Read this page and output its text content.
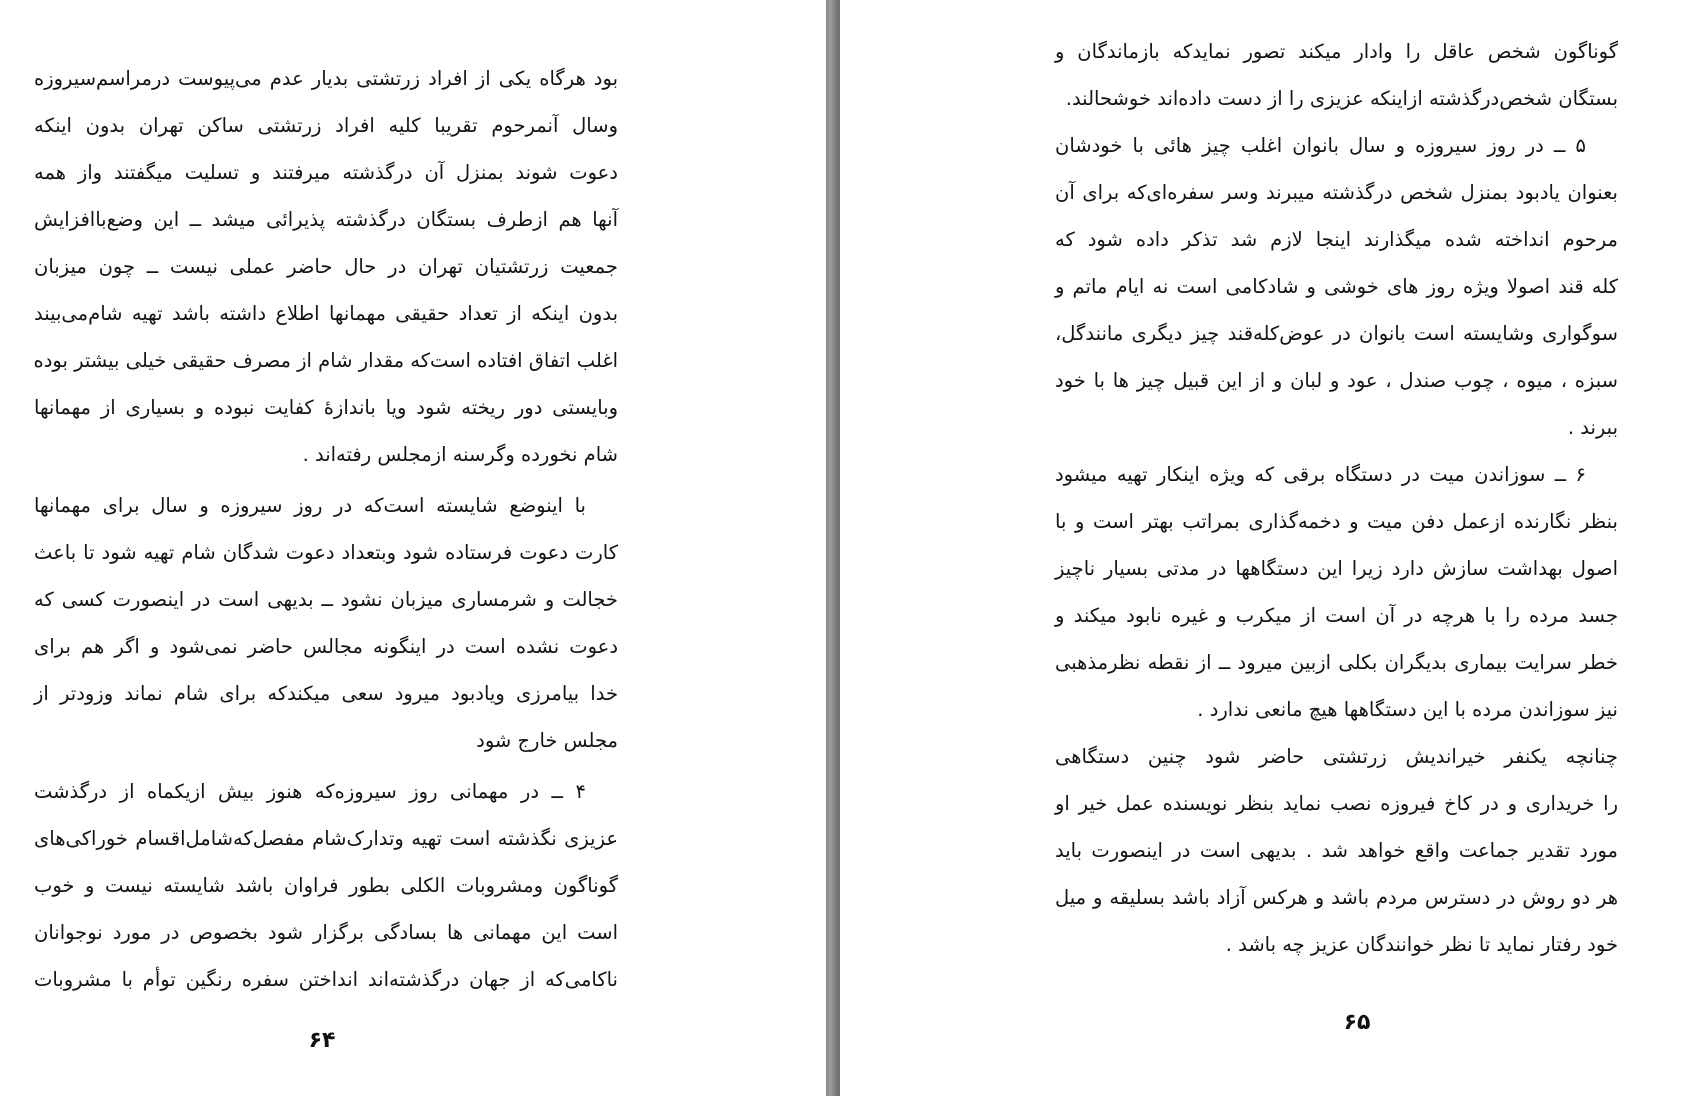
بود هرگاه یکی از افراد زرتشتی بدیار عدم می‌پیوست درمراسم‌سیروزه
وسال آنمرحوم تقریبا کلیه افراد زرتشتی ساکن تهران بدون اینکه
دعوت شوند بمنزل آن درگذشته میرفتند و تسلیت میگفتند واز همه
آنها هم ازطرف بستگان درگذشته پذیرائی میشد ــ این وضع‌باافزایش
جمعیت زرتشتیان تهران در حال حاضر عملی نیست ــ چون میزبان
بدون اینکه از تعداد حقیقی مهمانها اطلاع داشته باشد تهیه شام‌می‌بیند
اغلب اتفاق افتاده است‌که مقدار شام از مصرف حقیقی خیلی بیشتر بوده
وبایستی دور ریخته شود ویا باندازهٔ کفایت نبوده و بسیاری از مهمانها
شام نخورده وگرسنه ازمجلس رفته‌اند .
با اینوضع شایسته است‌که در روز سیروزه و سال برای مهمانها
کارت دعوت فرستاده شود وبتعداد دعوت شدگان شام تهیه شود تا باعث
خجالت و شرمساری میزبان نشود ــ بدیهی است در اینصورت کسی که
دعوت نشده است در اینگونه مجالس حاضر نمی‌شود و اگر هم برای
خدا بیامرزی ویادبود میرود سعی میکندکه برای شام نماند وزودتر از
مجلس خارج شود
۴ ــ در مهمانی روز سیروزه‌که هنوز بیش ازیکماه از درگذشت
عزیزی نگذشته است تهیه وتدارک‌شام مفصل‌که‌شامل‌اقسام خوراکی‌های
گوناگون ومشروبات الکلی بطور فراوان باشد شایسته نیست و خوب
است این مهمانی ها بسادگی برگزار شود بخصوص در مورد نوجوانان
ناکامی‌که از جهان درگذشته‌اند انداختن سفره رنگین توأم با مشروبات
۶۴
گوناگون شخص عاقل را وادار میکند تصور نمایدکه بازماندگان و
بستگان شخص‌درگذشته ازاینکه عزیزی را از دست داده‌اند خوشحالند.
۵ ــ در روز سیروزه و سال بانوان اغلب چیز هائی با خودشان
بعنوان یادبود بمنزل شخص درگذشته میبرند وسر سفره‌ای‌که برای آن
مرحوم انداخته شده میگذارند اینجا لازم شد تذکر داده شود که
کله قند اصولا ویژه روز های خوشی و شادکامی است نه ایام ماتم و
سوگواری وشایسته است بانوان در عوض‌کله‌قند چیز دیگری مانندگل،
سبزه ، میوه ، چوب صندل ، عود و لبان و از این قبیل چیز ها با خود
ببرند .
۶ ــ سوزاندن میت در دستگاه برقی که ویژه اینکار تهیه میشود
بنظر نگارنده ازعمل دفن میت و دخمه‌گذاری بمراتب بهتر است و با
اصول بهداشت سازش دارد زیرا این دستگاهها در مدتی بسیار ناچیز
جسد مرده را با هرچه در آن است از میکرب و غیره نابود میکند و
خطر سرایت بیماری بدیگران بکلی ازبین میرود ــ از نقطه نظرمذهبی
نیز سوزاندن مرده با این دستگاهها هیچ مانعی ندارد .
چنانچه یکنفر خیراندیش زرتشتی حاضر شود چنین دستگاهی
را خریداری و در کاخ فیروزه نصب نماید بنظر نویسنده عمل خیر او
مورد تقدیر جماعت واقع خواهد شد . بدیهی است در اینصورت باید
هر دو روش در دسترس مردم باشد و هرکس آزاد باشد بسلیقه و میل
خود رفتار نماید تا نظر خوانندگان عزیز چه باشد .
۶۵
